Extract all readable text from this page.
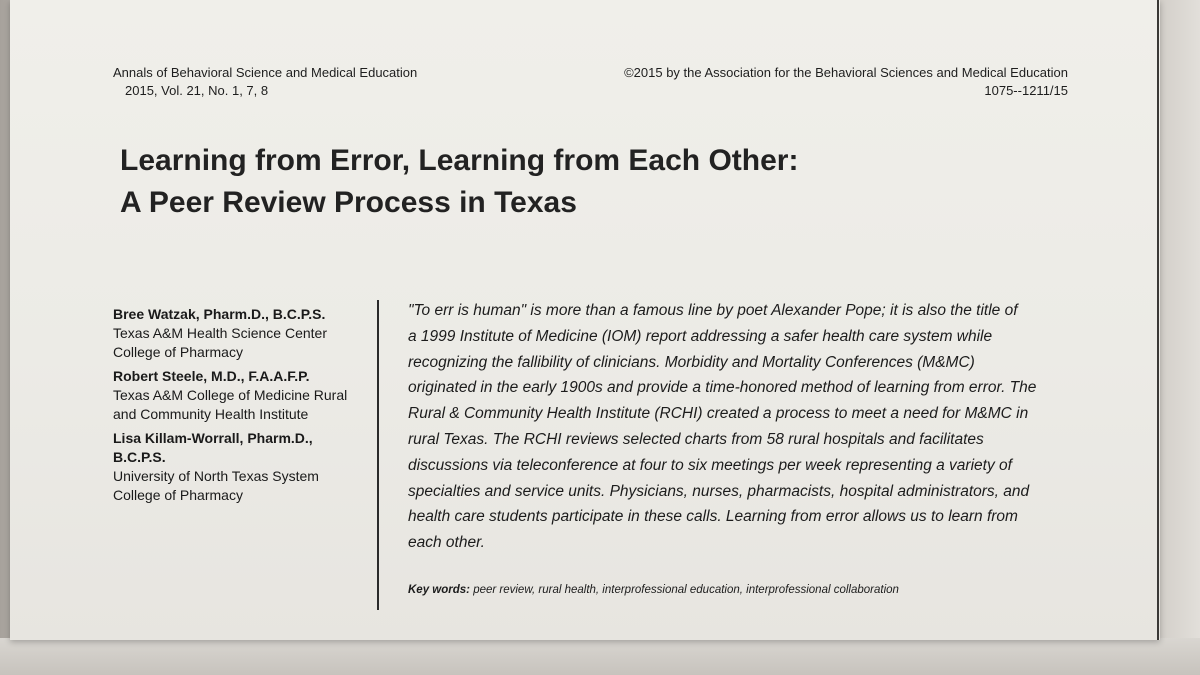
Annals of Behavioral Science and Medical Education
2015, Vol. 21, No. 1, 7, 8
©2015 by the Association for the Behavioral Sciences and Medical Education
1075--1211/15
Learning from Error, Learning from Each Other:
A Peer Review Process in Texas
Bree Watzak, Pharm.D., B.C.P.S.
Texas A&M Health Science Center
College of Pharmacy
Robert Steele, M.D., F.A.A.F.P.
Texas A&M College of Medicine Rural
and Community Health Institute
Lisa Killam-Worrall, Pharm.D.,
B.C.P.S.
University of North Texas System
College of Pharmacy
"To err is human" is more than a famous line by poet Alexander Pope; it is also the title of
a 1999 Institute of Medicine (IOM) report addressing a safer health care system while
recognizing the fallibility of clinicians. Morbidity and Mortality Conferences (M&MC)
originated in the early 1900s and provide a time-honored method of learning from error. The
Rural & Community Health Institute (RCHI) created a process to meet a need for M&MC in
rural Texas. The RCHI reviews selected charts from 58 rural hospitals and facilitates
discussions via teleconference at four to six meetings per week representing a variety of
specialties and service units. Physicians, nurses, pharmacists, hospital administrators, and
health care students participate in these calls. Learning from error allows us to learn from
each other.
Key words: peer review, rural health, interprofessional education, interprofessional collaboration
